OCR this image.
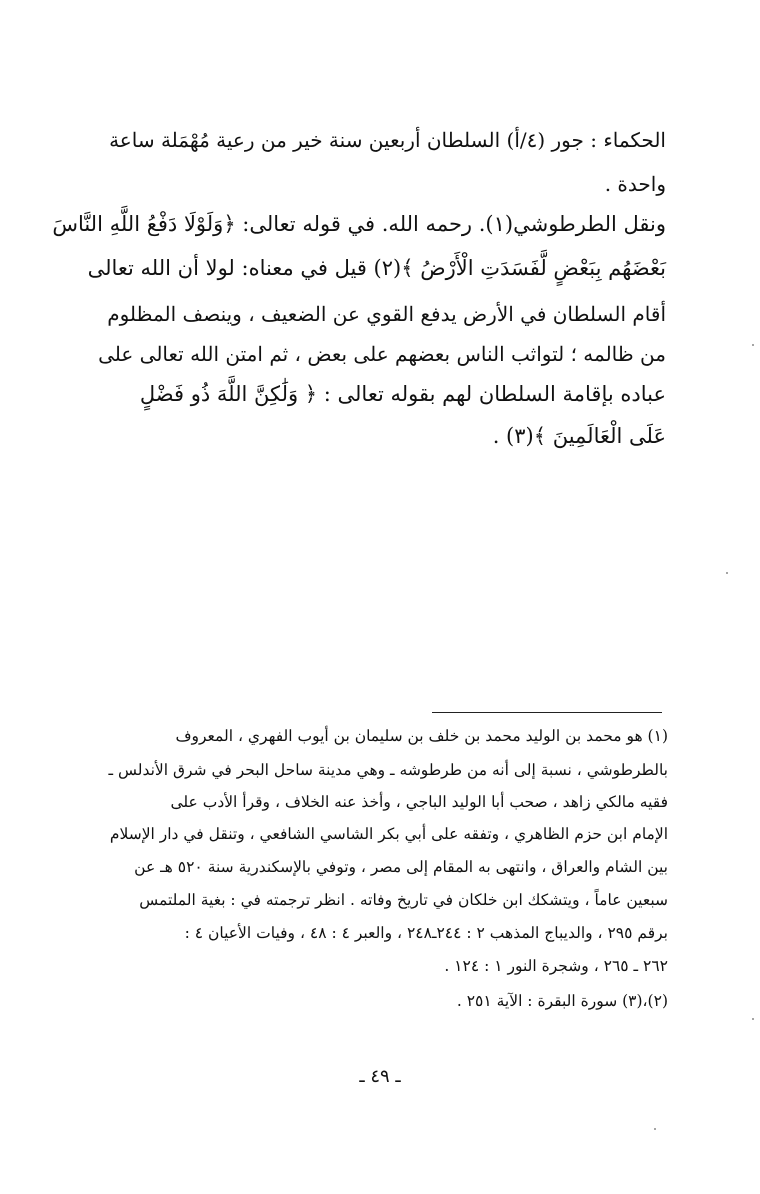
الحكماء : جور (٤/أ) السلطان أربعين سنة خير من رعية مُهْمَلة ساعة
واحدة .
ونقل الطرطوشي(١). رحمه الله. في قوله تعالى: ﴿وَلَوْلَا دَفْعُ اللَّهِ النَّاسَ
بَعْضَهُم بِبَعْضٍ لَّفَسَدَتِ الْأَرْضُ ﴾(٢) قيل في معناه: لولا أن الله تعالى
أقام السلطان في الأرض يدفع القوي عن الضعيف ، وينصف المظلوم
من ظالمه ؛ لتواثب الناس بعضهم على بعض ، ثم امتن الله تعالى على
عباده بإقامة السلطان لهم بقوله تعالى : ﴿ وَلَٰكِنَّ اللَّهَ ذُو فَضْلٍ
عَلَى الْعَالَمِينَ ﴾(٣) .
(١) هو محمد بن الوليد محمد بن خلف بن سليمان بن أيوب الفهري ، المعروف
بالطرطوشي ، نسبة إلى أنه من طرطوشه ـ وهي مدينة ساحل البحر في شرق الأندلس ـ
فقيه مالكي زاهد ، صحب أبا الوليد الباجي ، وأخذ عنه الخلاف ، وقرأ الأدب على
الإمام ابن حزم الظاهري ، وتفقه على أبي بكر الشاسي الشافعي ، وتنقل في دار الإسلام
بين الشام والعراق ، وانتهى به المقام إلى مصر ، وتوفي بالإسكندرية سنة ٥٢٠ هـ عن
سبعين عاماً ، ويتشكك ابن خلكان في تاريخ وفاته . انظر ترجمته في : بغية الملتمس
برقم ٢٩٥ ، والديباج المذهب ٢ : ٢٤٤ـ٢٤٨ ، والعبر ٤ : ٤٨ ، وفيات الأعيان ٤ :
٢٦٢ ـ ٢٦٥ ، وشجرة النور ١ : ١٢٤ .
(٢)،(٣) سورة البقرة : الآية ٢٥١ .
ـ ٤٩ ـ
